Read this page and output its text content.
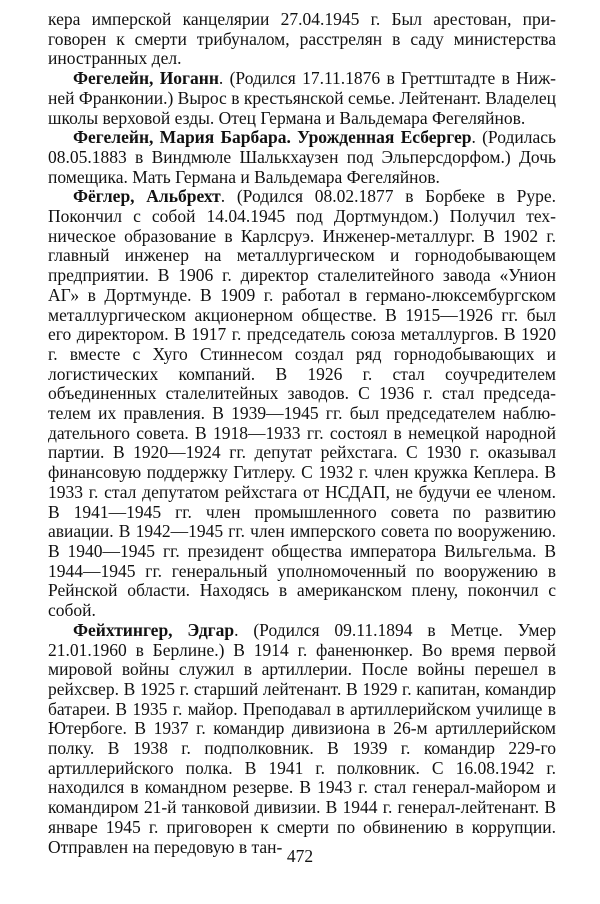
кера имперской канцелярии 27.04.1945 г. Был арестован, приговорен к смерти трибуналом, расстрелян в саду министерства иностранных дел.

Фегелейн, Иоганн. (Родился 17.11.1876 в Греттштадте в Нижней Франконии.) Вырос в крестьянской семье. Лейтенант. Владелец школы верховой езды. Отец Германа и Вальдемара Фегеляйнов.

Фегелейн, Мария Барбара. Урожденная Есбергер. (Родилась 08.05.1883 в Виндмюле Шалькхаузен под Эльперсдорфом.) Дочь помещика. Мать Германа и Вальдемара Фегеляйнов.

Фёглер, Альбрехт. (Родился 08.02.1877 в Борбеке в Руре. Покончил с собой 14.04.1945 под Дортмундом.) Получил техническое образование в Карлсруэ. Инженер-металлург. В 1902 г. главный инженер на металлургическом и горнодобывающем предприятии. В 1906 г. директор сталелитейного завода «Унион АГ» в Дортмунде. В 1909 г. работал в германо-люксембургском металлургическом акционерном обществе. В 1915—1926 гг. был его директором. В 1917 г. председатель союза металлургов. В 1920 г. вместе с Хуго Стиннесом создал ряд горнодобывающих и логистических компаний. В 1926 г. стал соучредителем объединенных сталелитейных заводов. С 1936 г. стал председателем их правления. В 1939—1945 гг. был председателем наблюдательного совета. В 1918—1933 гг. состоял в немецкой народной партии. В 1920—1924 гг. депутат рейхстага. С 1930 г. оказывал финансовую поддержку Гитлеру. С 1932 г. член кружка Кеплера. В 1933 г. стал депутатом рейхстага от НСДАП, не будучи ее членом. В 1941—1945 гг. член промышленного совета по развитию авиации. В 1942—1945 гг. член имперского совета по вооружению. В 1940—1945 гг. президент общества императора Вильгельма. В 1944—1945 гг. генеральный уполномоченный по вооружению в Рейнской области. Находясь в американском плену, покончил с собой.

Фейхтингер, Эдгар. (Родился 09.11.1894 в Метце. Умер 21.01.1960 в Берлине.) В 1914 г. фаненюнкер. Во время первой мировой войны служил в артиллерии. После войны перешел в рейхсвер. В 1925 г. старший лейтенант. В 1929 г. капитан, командир батареи. В 1935 г. майор. Преподавал в артиллерийском училище в Ютербоге. В 1937 г. командир дивизиона в 26-м артиллерийском полку. В 1938 г. подполковник. В 1939 г. командир 229-го артиллерийского полка. В 1941 г. полковник. С 16.08.1942 г. находился в командном резерве. В 1943 г. стал генерал-майором и командиром 21-й танковой дивизии. В 1944 г. генерал-лейтенант. В январе 1945 г. приговорен к смерти по обвинению в коррупции. Отправлен на передовую в тан- 472
